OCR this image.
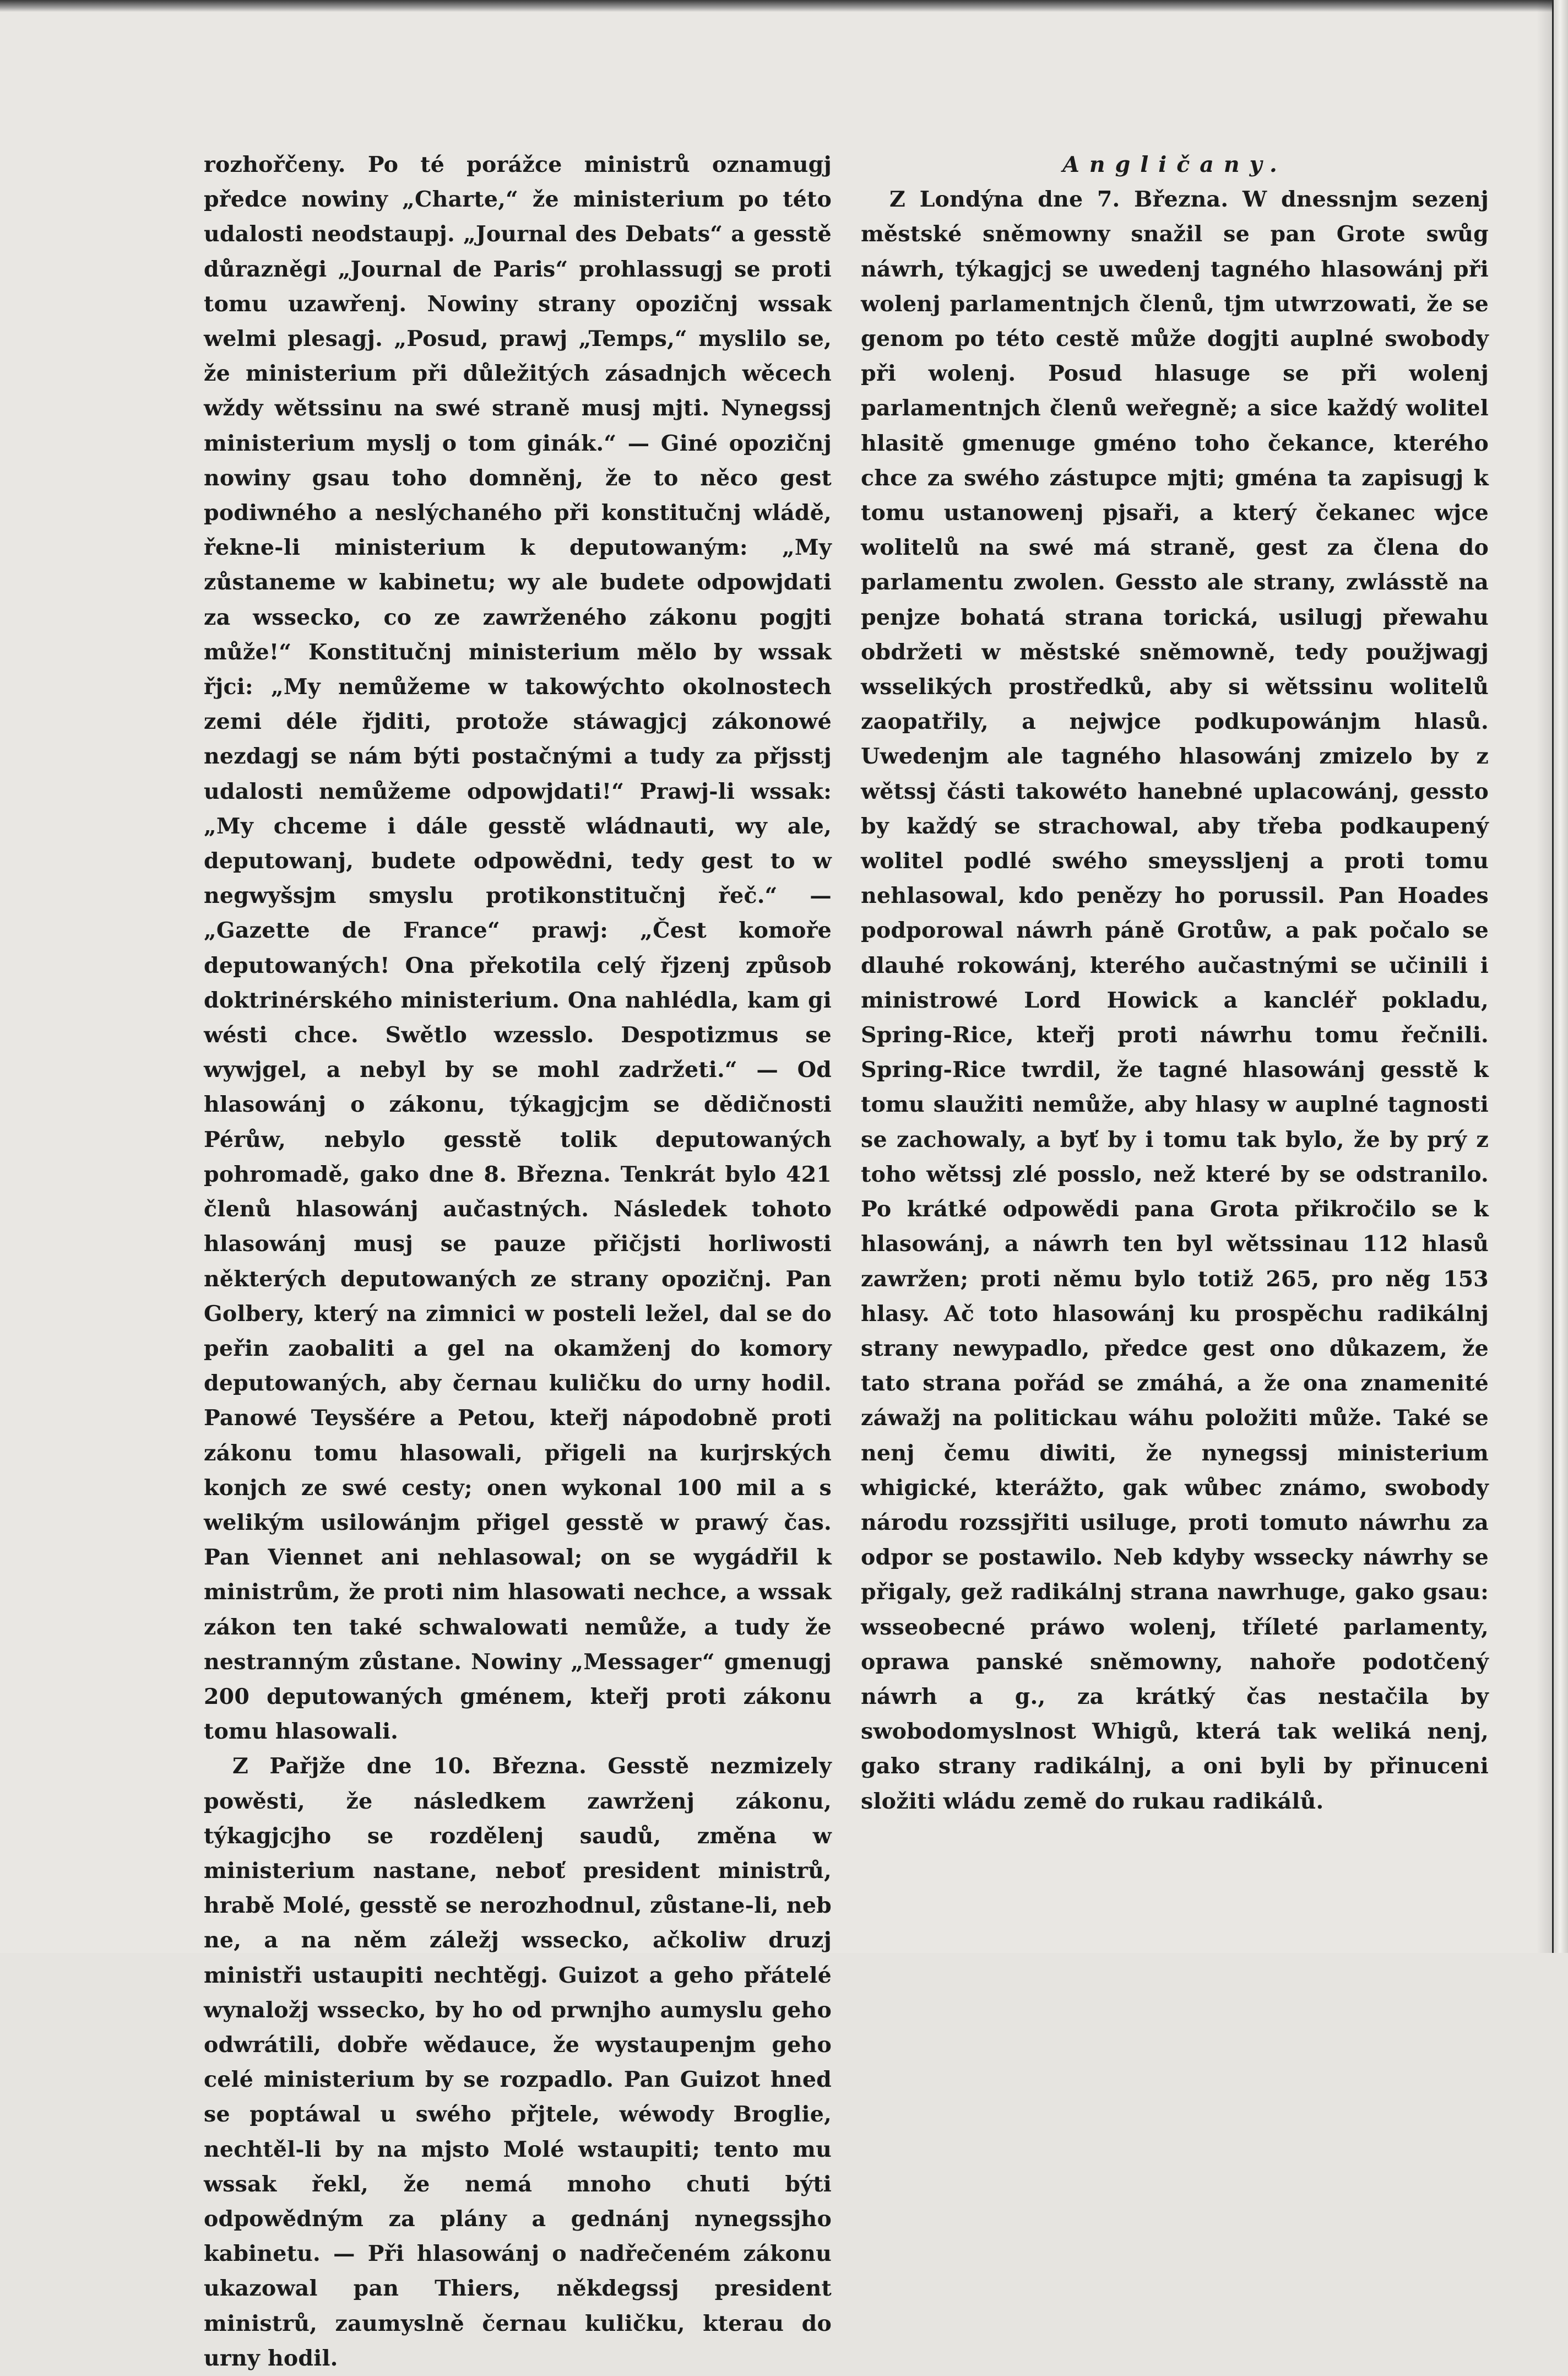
rozhořčeny. Po té porážce ministrů oznamugj předce nowiny „Charte,“ že ministerium po této udalosti neodstaupj. „Journal des Debats“ a gesstě důrazněgi „Journal de Paris“ prohlassugj se proti tomu uzawřenj. Nowiny strany opozičnj wssak welmi plesagj. „Posud, prawj „Temps,“ myslilo se, že ministerium při důležitých zásadnjch wěcech wždy wětssinu na swé straně musj mjti. Nynegssj ministerium myslj o tom ginák.“ — Giné opozičnj nowiny gsau toho domněnj, že to něco gest podiwného a neslýchaného při konstitučnj wládě, řekne-li ministerium k deputowaným: „My zůstaneme w kabinetu; wy ale budete odpowjdati za wssecko, co ze zawrženého zákonu pogjti může!“ Konstitučnj ministerium mělo by wssak řjci: „My nemůžeme w takowýchto okolnostech zemi déle řjditi, protože stáwagjcj zákonowé nezdagj se nám býti postačnými a tudy za přjsstj udalosti nemůžeme odpowjdati!“ Prawj-li wssak: „My chceme i dále gesstě wládnauti, wy ale, deputowanj, budete odpowědni, tedy gest to w negwyšsjm smyslu protikonstitučnj řeč.“ — „Gazette de France“ prawj: „Čest komoře deputowaných! Ona překotila celý řjzenj způsob doktrinérského ministerium. Ona nahlédla, kam gi wésti chce. Swětlo wzesslo. Despotizmus se wywjgel, a nebyl by se mohl zadržeti.“ — Od hlasowánj o zákonu, týkagjcjm se dědičnosti Pérůw, nebylo gesstě tolik deputowaných pohromadě, gako dne 8. Března. Tenkrát bylo 421 členů hlasowánj aučastných. Následek tohoto hlasowánj musj se pauze přičjsti horliwosti některých deputowaných ze strany opozičnj. Pan Golbery, který na zimnici w posteli ležel, dal se do peřin zaobaliti a gel na okamženj do komory deputowaných, aby černau kuličku do urny hodil. Panowé Teysšére a Petou, kteřj nápodobně proti zákonu tomu hlasowali, přigeli na kurjrských konjch ze swé cesty; onen wykonal 100 mil a s welikým usilowánjm přigel gesstě w prawý čas. Pan Viennet ani nehlasowal; on se wygádřil k ministrům, že proti nim hlasowati nechce, a wssak zákon ten také schwalowati nemůže, a tudy že nestranným zůstane. Nowiny „Messager“ gmenugj 200 deputowaných gménem, kteřj proti zákonu tomu hlasowali.

Z Pařjže dne 10. Března. Gesstě nezmizely powěsti, že následkem zawrženj zákonu, týkagjcjho se rozdělenj saudů, změna w ministerium nastane, neboť president ministrů, hrabě Molé, gesstě se nerozhodnul, zůstane-li, neb ne, a na něm záležj wssecko, ačkoliw druzj ministři ustaupiti nechtěgj. Guizot a geho přátelé wynaložj wssecko, by ho od prwnjho aumyslu geho odwrátili, dobře wědauce, že wystaupenjm geho celé ministerium by se rozpadlo. Pan Guizot hned se poptáwal u swého přjtele, wéwody Broglie, nechtěl-li by na mjsto Molé wstaupiti; tento mu wssak řekl, že nemá mnoho chuti býti odpowědným za plány a gednánj nynegssjho kabinetu. — Při hlasowánj o nadřečeném zákonu ukazowal pan Thiers, někdegssj president ministrů, zaumyslně černau kuličku, kterau do urny hodil.

Angličany.

Z Londýna dne 7. Března. W dnessnjm sezenj městské sněmowny snažil se pan Grote swůg náwrh, týkagjcj se uwedenj tagného hlasowánj při wolenj parlamentnjch členů, tjm utwrzowati, že se genom po této cestě může dogjti auplné swobody při wolenj. Posud hlasuge se při wolenj parlamentnjch členů weřegně; a sice každý wolitel hlasitě gmenuge gméno toho čekance, kterého chce za swého zástupce mjti; gména ta zapisugj k tomu ustanowenj pjsaři, a který čekanec wjce wolitelů na swé má straně, gest za člena do parlamentu zwolen. Gessto ale strany, zwlásstě na penjze bohatá strana torická, usilugj přewahu obdržeti w městské sněmowně, tedy použjwagj wsselikých prostředků, aby si wětssinu wolitelů zaopatřily, a nejwjce podkupowánjm hlasů. Uwedenjm ale tagného hlasowánj zmizelo by z wětssj části takowéto hanebné uplacowánj, gessto by každý se strachowal, aby třeba podkaupený wolitel podlé swého smeyssljenj a proti tomu nehlasowal, kdo penězy ho porussil. Pan Hoades podporowal náwrh páně Grotůw, a pak počalo se dlauhé rokowánj, kterého aučastnými se učinili i ministrowé Lord Howick a kancléř pokladu, Spring-Rice, kteřj proti náwrhu tomu řečnili. Spring-Rice twrdil, že tagné hlasowánj gesstě k tomu slaužiti nemůže, aby hlasy w auplné tagnosti se zachowaly, a byť by i tomu tak bylo, že by prý z toho wětssj zlé posslo, než které by se odstranilo. Po krátké odpowědi pana Grota přikročilo se k hlasowánj, a náwrh ten byl wětssinau 112 hlasů zawržen; proti němu bylo totiž 265, pro něg 153 hlasy. Ač toto hlasowánj ku prospěchu radikálnj strany newypadlo, předce gest ono důkazem, že tato strana pořád se zmáhá, a že ona znamenité záwažj na politickau wáhu položiti může. Také se nenj čemu diwiti, že nynegssj ministerium whigické, kterážto, gak wůbec známo, swobody národu rozssjřiti usiluge, proti tomuto náwrhu za odpor se postawilo. Neb kdyby wssecky náwrhy se přigaly, gež radikálnj strana nawrhuge, gako gsau: wsseobecné práwo wolenj, tříleté parlamenty, oprawa panské sněmowny, nahoře podotčený náwrh a g., za krátký čas nestačila by swobodomyslnost Whigů, která tak weliká nenj, gako strany radikálnj, a oni byli by přinuceni složiti wládu země do rukau radikálů.
